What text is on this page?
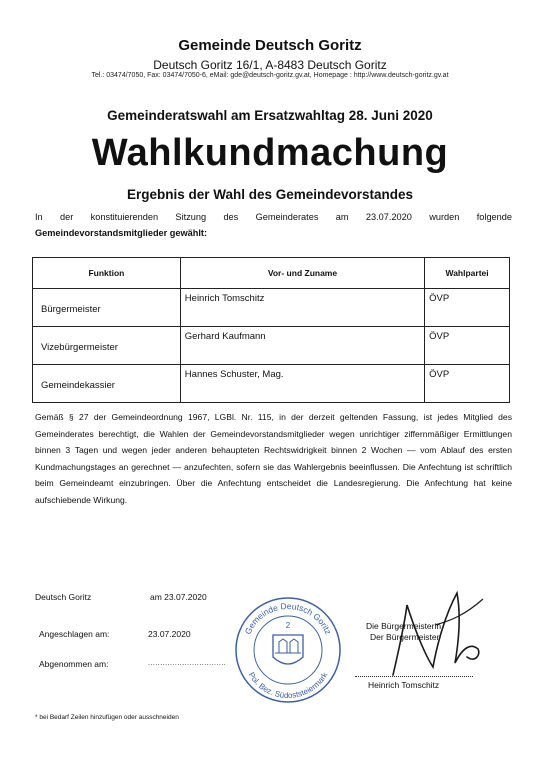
Gemeinde Deutsch Goritz
Deutsch Goritz 16/1, A-8483 Deutsch Goritz
Tel.: 03474/7050, Fax: 03474/7050-6, eMail: gde@deutsch-goritz.gv.at, Homepage : http://www.deutsch-goritz.gv.at
Gemeinderatswahl am Ersatzwahltag 28. Juni 2020
Wahlkundmachung
Ergebnis der Wahl des Gemeindevorstandes
In der konstituierenden Sitzung des Gemeinderates am 23.07.2020 wurden folgende
Gemeindevorstandsmitglieder gewählt:
Funktion	Vor- und Zuname	Wahlpartei
Bürgermeister	Heinrich Tomschitz	ÖVP
Vizebürgermeister	Gerhard Kaufmann	ÖVP
Gemeindekassier	Hannes Schuster, Mag.	ÖVP
Gemäß § 27 der Gemeindeordnung 1967, LGBl. Nr. 115, in der derzeit geltenden Fassung, ist jedes Mitglied des Gemeinderates berechtigt, die Wahlen der Gemeindevorstandsmitglieder wegen unrichtiger ziffernmäßiger Ermittlungen binnen 3 Tagen und wegen jeder anderen behaupteten Rechtswidrigkeit binnen 2 Wochen — vom Ablauf des ersten Kundmachungstages an gerechnet — anzufechten, sofern sie das Wahlergebnis beeinflussen. Die Anfechtung ist schriftlich beim Gemeindeamt einzubringen. Über die Anfechtung entscheidet die Landesregierung. Die Anfechtung hat keine aufschiebende Wirkung.
Deutsch Goritz	am 23.07.2020
Angeschlagen am:	23.07.2020
Abgenommen am:	................................
Gemeinde Deutsch Goritz
Pol. Bez. Südoststeiermark
2	Die Bürgermeisterin
Der Bürgermeister
Heinrich Tomschitz
* bei Bedarf Zeilen hinzufügen oder ausschneiden
